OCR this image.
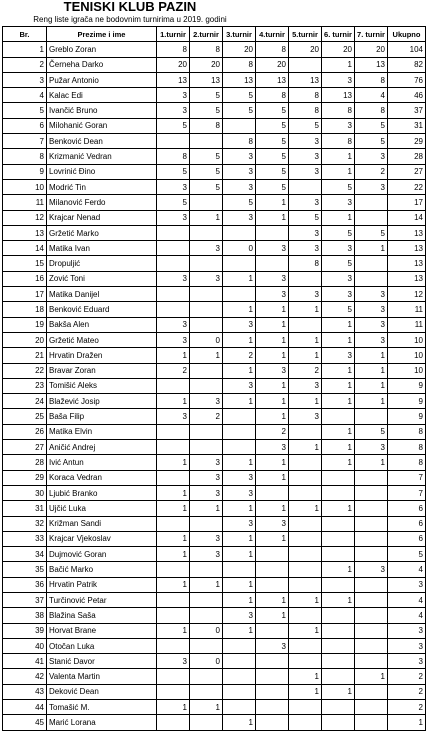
TENISKI KLUB PAZIN
Reng liste igrača ne bodovnim turnirima u 2019. godini
Br.	Prezime i ime	1.turnir	2.turnir	3.turnir	4.turnir	5.turnir	6. turnir	7. turnir	Ukupno
1	Greblo Zoran	8	8	20	8	20	20	20	104
2	Černeha Darko	20	20	8	20		1	13	82
3	Pužar Antonio	13	13	13	13	13	3	8	76
4	Kalac Edi	3	5	5	8	8	13	4	46
5	Ivančić Bruno	3	5	5	5	8	8	8	37
6	Milohanić Goran	5	8		5	5	3	5	31
7	Benković Dean			8	5	3	8	5	29
8	Krizmanić Vedran	8	5	3	5	3	1	3	28
9	Lovrinić Đino	5	5	3	5	3	1	2	27
10	Modrić Tin	3	5	3	5		5	3	22
11	Milanović Ferdo	5		5	1	3	3		17
12	Krajcar Nenad	3	1	3	1	5	1		14
13	Gržetić Marko					3	5	5	13
14	Matika Ivan		3	0	3	3	3	1	13
15	Dropuljić					8	5		13
16	Zović Toni	3	3	1	3		3		13
17	Matika Danijel				3	3	3	3	12
18	Benković Eduard			1	1	1	5	3	11
19	Bakša Alen	3		3	1		1	3	11
20	Gržetić Mateo	3	0	1	1	1	1	3	10
21	Hrvatin Dražen	1	1	2	1	1	3	1	10
22	Bravar Zoran	2		1	3	2	1	1	10
23	Tomišić Aleks			3	1	3	1	1	9
24	Blažević Josip	1	3	1	1	1	1	1	9
25	Baša Filip	3	2		1	3			9
26	Matika Elvin				2		1	5	8
27	Aničić Andrej				3	1	1	3	8
28	Ivić Antun	1	3	1	1		1	1	8
29	Koraca Vedran		3	3	1				7
30	Ljubić Branko	1	3	3					7
31	Ujčić Luka	1	1	1	1	1	1		6
32	Križman Sandi			3	3				6
33	Krajcar Vjekoslav	1	3	1	1				6
34	Dujmović Goran	1	3	1					5
35	Bačić Marko						1	3	4
36	Hrvatin Patrik	1	1	1					3
37	Turčinović Petar			1	1	1	1		4
38	Blažina Saša			3	1				4
39	Horvat Brane	1	0	1		1			3
40	Otočan Luka				3				3
41	Stanić Davor	3	0						3
42	Valenta Martin					1		1	2
43	Deković Dean					1	1		2
44	Tomašić M.	1	1						2
45	Marić Lorana			1					1
